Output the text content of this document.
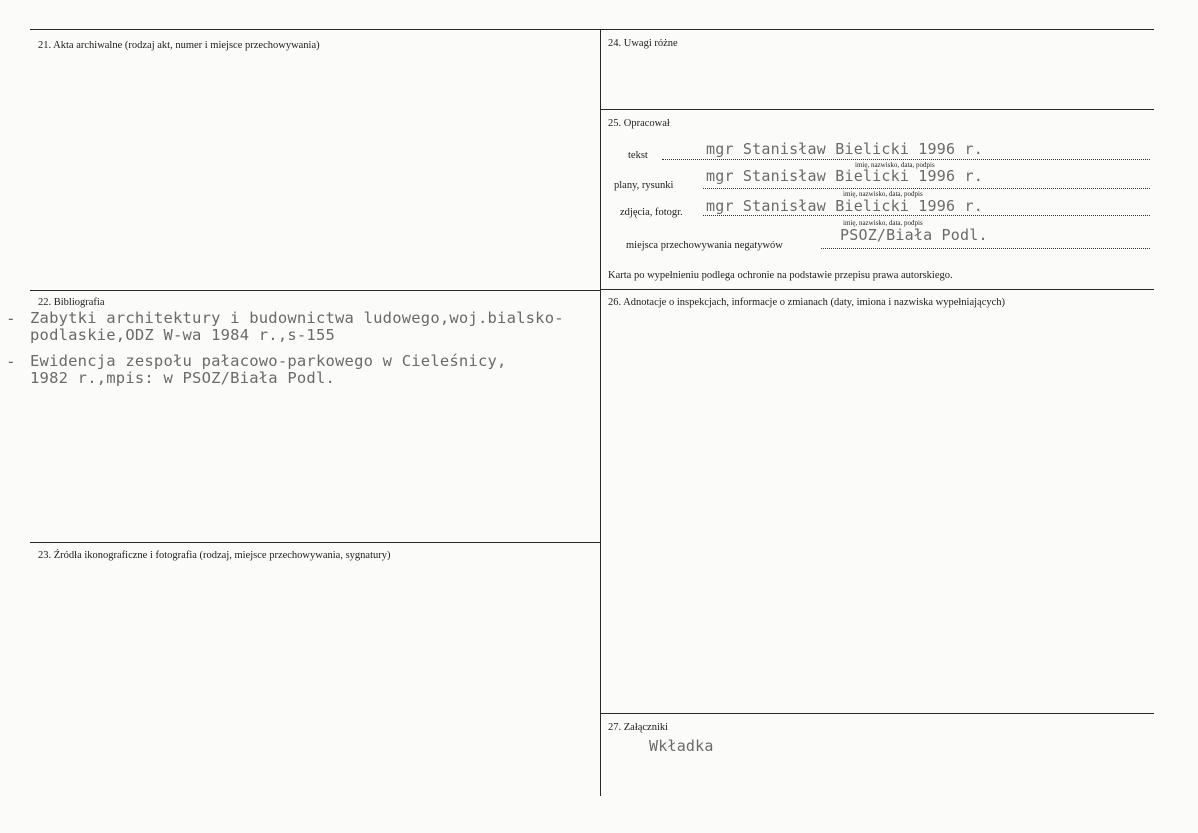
21. Akta archiwalne (rodzaj akt, numer i miejsce przechowywania)
22. Bibliografia
- Zabytki architektury i budownictwa ludowego,woj.bialsko-
podlaskie,ODZ W-wa 1984 r.,s-155
- Ewidencja zespołu pałacowo-parkowego w Cieleśnicy,
1982 r.,mpis: w PSOZ/Biała Podl.
23. Źródła ikonograficzne i fotografia (rodzaj, miejsce przechowywania, sygnatury)
24. Uwagi różne
25. Opracował
tekst	mgr Stanisław Bielicki 1996 r.
imię, nazwisko, data, podpis
plany, rysunki
mgr Stanisław Bielicki 1996 r.
imię, nazwisko, data, podpis
zdjęcia, fotogr. mgr Stanisław Bielicki 1996 r.
imię, nazwisko, data, podpis
miejsca przechowywania negatywów
PSOZ/Biała Podl.
Karta po wypełnieniu podlega ochronie na podstawie przepisu prawa autorskiego.
26. Adnotacje o inspekcjach, informacje o zmianach (daty, imiona i nazwiska wypełniających)
27. Załączniki
Wkładka
